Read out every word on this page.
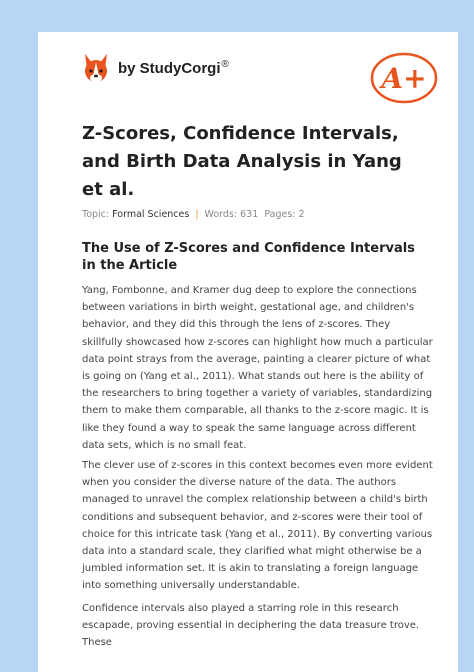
by StudyCorgi®	A+
Z-Scores, Confidence Intervals, and Birth Data Analysis in Yang et al.
Topic: Formal Sciences | Words: 631 Pages: 2
The Use of Z-Scores and Confidence Intervals in the Article

Yang, Fombonne, and Kramer dug deep to explore the connections between variations in birth weight, gestational age, and children's behavior, and they did this through the lens of z-scores. They skillfully showcased how z-scores can highlight how much a particular data point strays from the average, painting a clearer picture of what is going on (Yang et al., 2011). What stands out here is the ability of the researchers to bring together a variety of variables, standardizing them to make them comparable, all thanks to the z-score magic. It is like they found a way to speak the same language across different data sets, which is no small feat.

The clever use of z-scores in this context becomes even more evident when you consider the diverse nature of the data. The authors managed to unravel the complex relationship between a child's birth conditions and subsequent behavior, and z-scores were their tool of choice for this intricate task (Yang et al., 2011). By converting various data into a standard scale, they clarified what might otherwise be a jumbled information set. It is akin to translating a foreign language into something universally understandable.

Confidence intervals also played a starring role in this research escapade, proving essential in deciphering the data treasure trove. These
